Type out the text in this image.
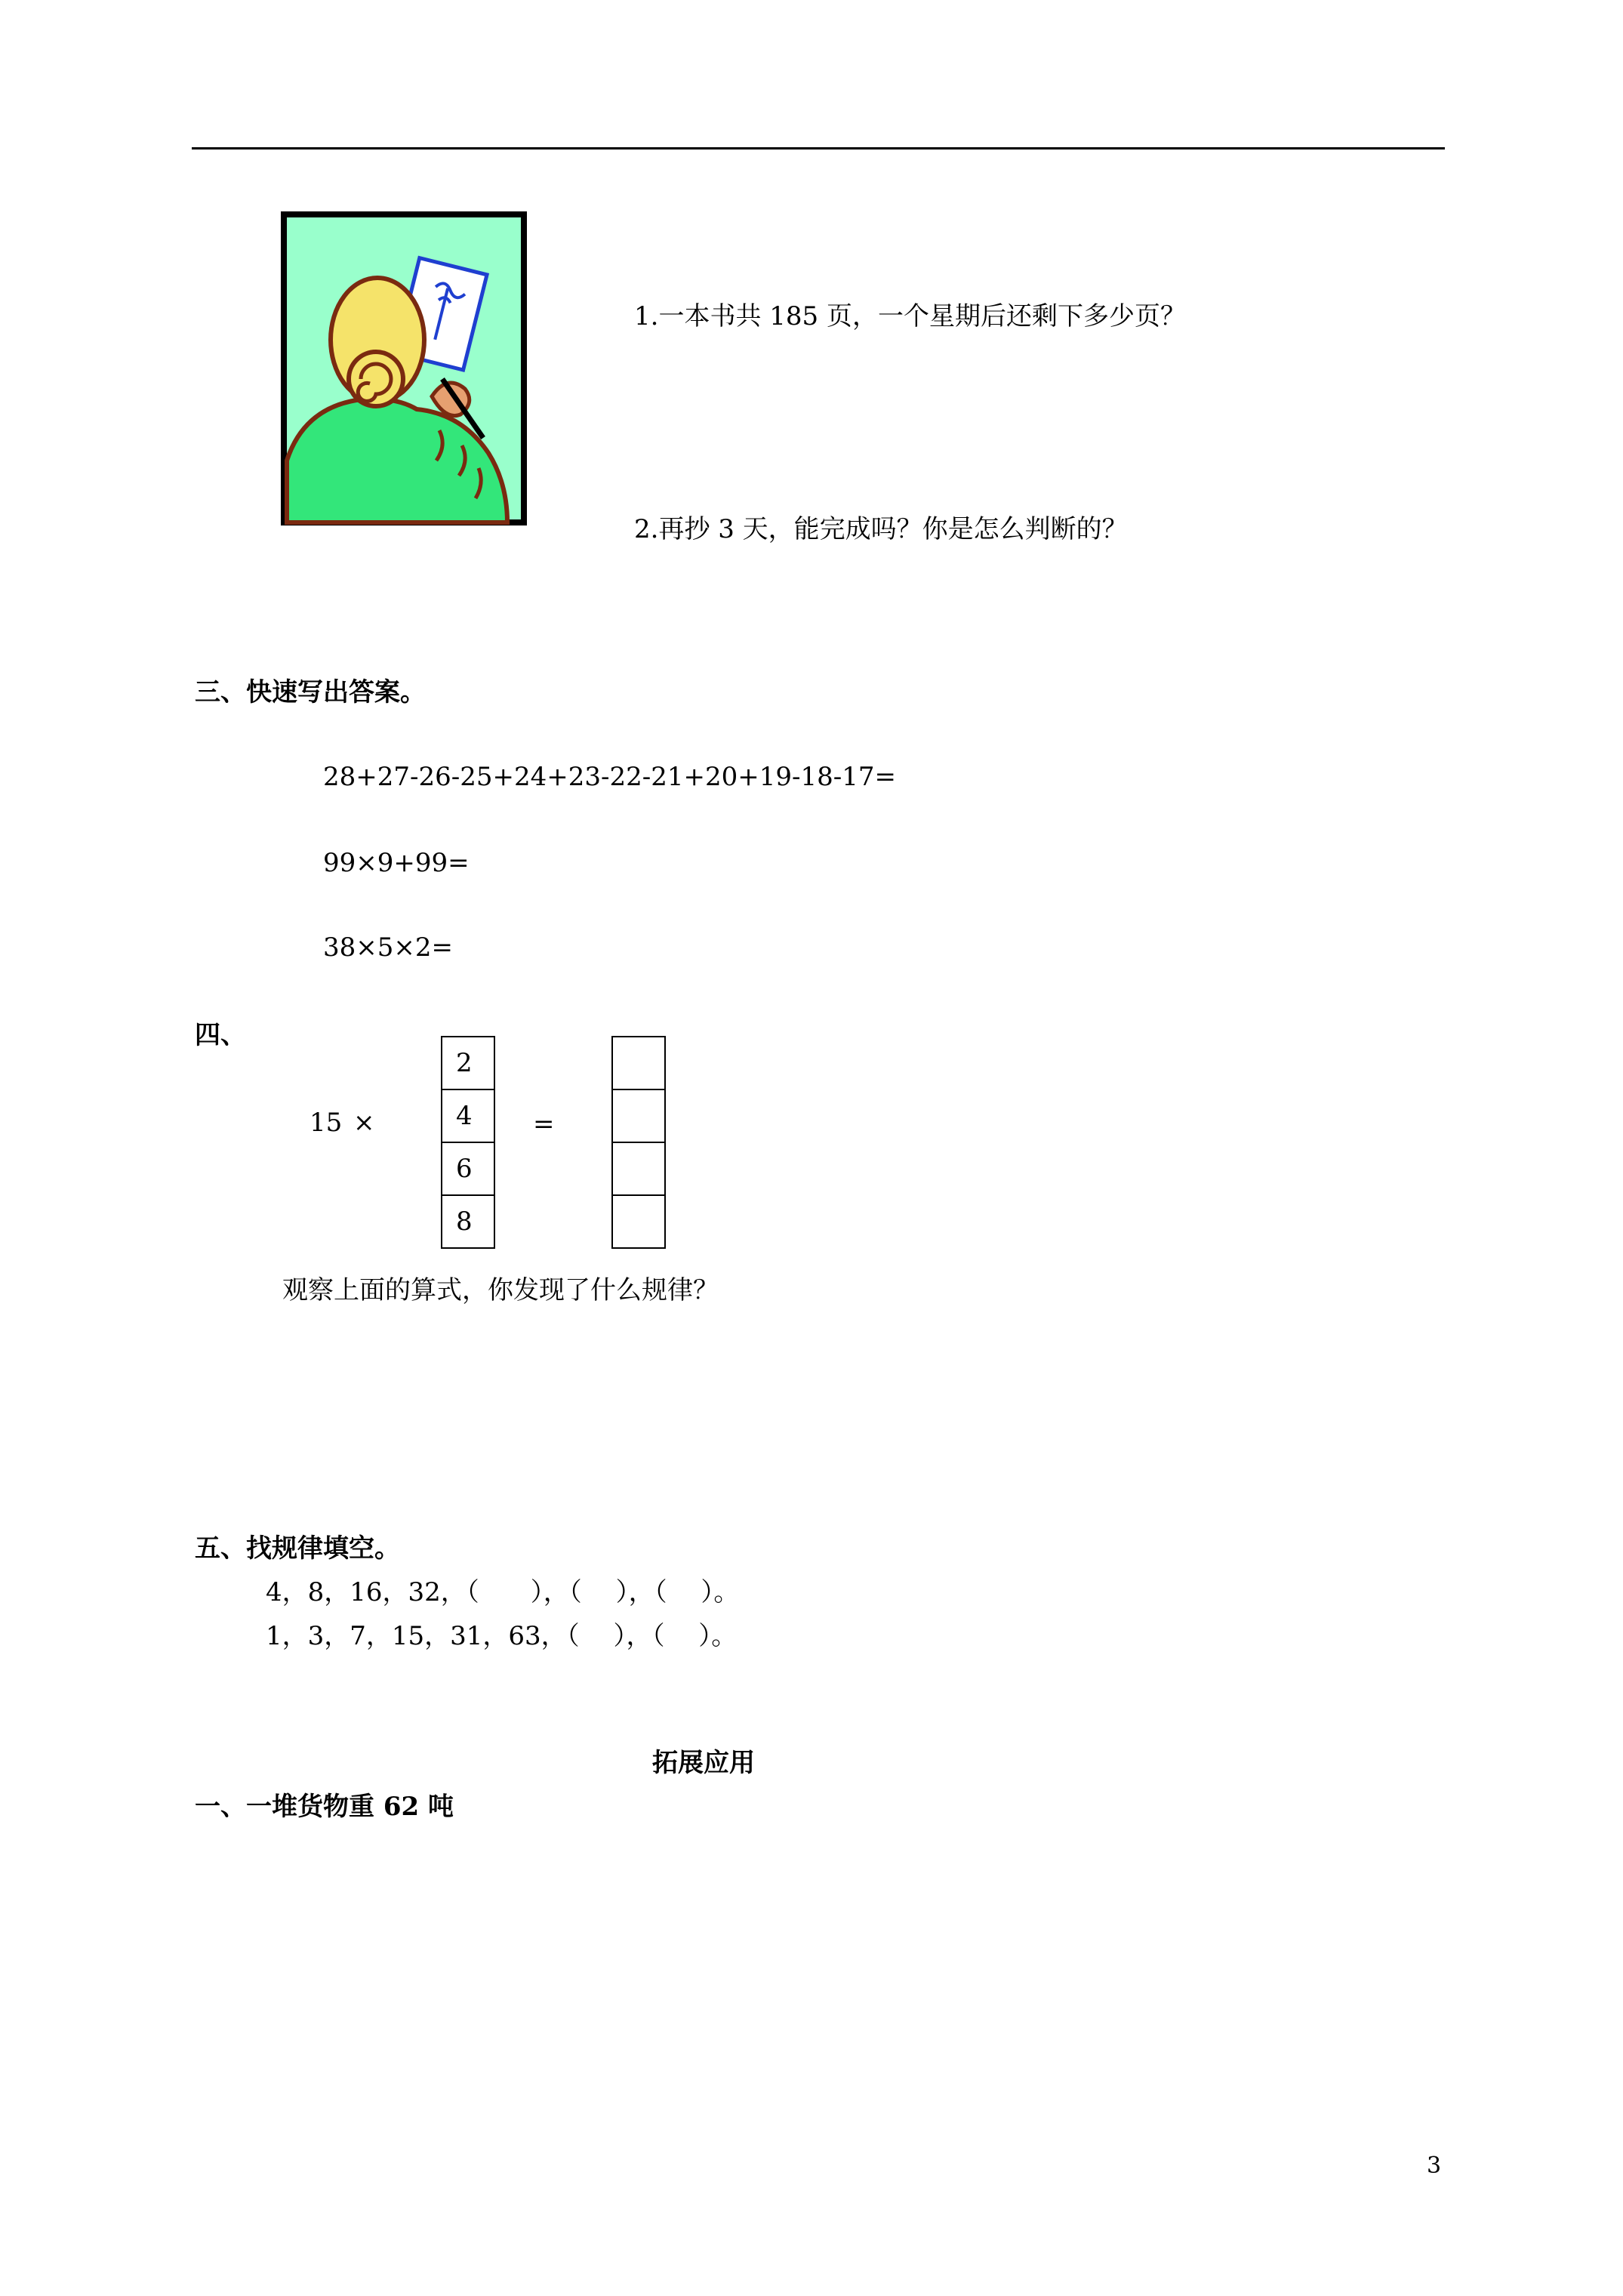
1.一本书共 185 页，一个星期后还剩下多少页？
2.再抄 3 天，能完成吗？你是怎么判断的？
三、快速写出答案。
28+27-26-25+24+23-22-21+20+19-18-17=
99×9+99=
38×5×2=
四、
15 ×
2
4
6
8
=
观察上面的算式，你发现了什么规律？
五、找规律填空。
4，8，16，32，（　　），（　 ），（　 ）。
1，3，7，15，31，63，（　 ），（　 ）。
拓展应用
一、一堆货物重 62 吨
3
